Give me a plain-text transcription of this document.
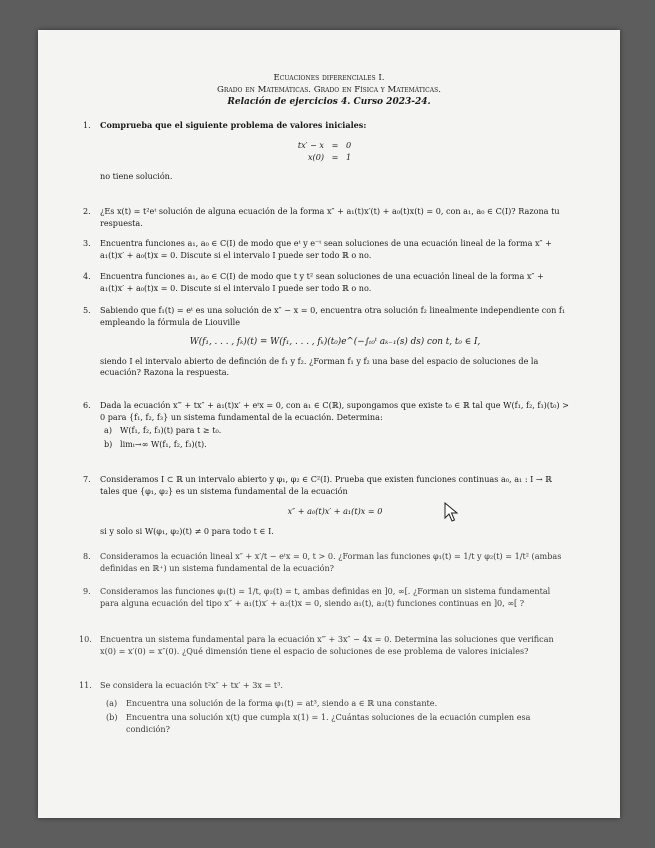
Ecuaciones diferenciales I.
Grado en Matemáticas. Grado en Física y Matemáticas.
Relación de ejercicios 4. Curso 2023-24.
1. Comprueba que el siguiente problema de valores iniciales:
tx′ − x = 0
x(0) = 1
no tiene solución.
2. ¿Es x(t) = t²eᵗ solución de alguna ecuación de la forma x″ + a₁(t)x′(t) + a₀(t)x(t) = 0, con a₁, a₀ ∈ C(I)? Razona tu respuesta.
3. Encuentra funciones a₁, a₀ ∈ C(I) de modo que eᵗ y e⁻ᵗ sean soluciones de una ecuación lineal de la forma x″ + a₁(t)x′ + a₀(t)x = 0. Discute si el intervalo I puede ser todo ℝ o no.
4. Encuentra funciones a₁, a₀ ∈ C(I) de modo que t y t² sean soluciones de una ecuación lineal de la forma x″ + a₁(t)x′ + a₀(t)x = 0. Discute si el intervalo I puede ser todo ℝ o no.
5. Sabiendo que f₁(t) = eᵗ es una solución de x″ − x = 0, encuentra otra solución f₂ linealmente independiente con f₁ empleando la fórmula de Liouville
W(f₁, . . . , fₖ)(t) = W(f₁, . . . , fₖ)(t₀)e^(−∫ₜ₀ᵗ aₖ₋₁(s) ds) con t, t₀ ∈ I,
siendo I el intervalo abierto de definción de f₁ y f₂. ¿Forman f₁ y f₂ una base del espacio de soluciones de la ecuación? Razona la respuesta.
6. Dada la ecuación x‴ + tx″ + a₁(t)x′ + eᵗx = 0, con a₁ ∈ C(ℝ), supongamos que existe t₀ ∈ ℝ tal que W(f₁, f₂, f₃)(t₀) > 0 para {f₁, f₂, f₃} un sistema fundamental de la ecuación. Determina:
a) W(f₁, f₂, f₃)(t) para t ≥ t₀.
b) limₜ→∞ W(f₁, f₂, f₃)(t).
7. Consideramos I ⊂ ℝ un intervalo abierto y φ₁, φ₂ ∈ C²(I). Prueba que existen funciones continuas a₀, a₁ : I → ℝ tales que {φ₁, φ₂} es un sistema fundamental de la ecuación
x″ + a₀(t)x′ + a₁(t)x = 0
si y solo si W(φ₁, φ₂)(t) ≠ 0 para todo t ∈ I.
8. Consideramos la ecuación lineal x″ + x′/t − eᵗx = 0, t > 0. ¿Forman las funciones φ₁(t) = 1/t y φ₂(t) = 1/t² (ambas definidas en ℝ⁺) un sistema fundamental de la ecuación?
9. Consideramos las funciones φ₁(t) = 1/t, φ₂(t) = t, ambas definidas en ]0, ∞[. ¿Forman un sistema fundamental para alguna ecuación del tipo x″ + a₁(t)x′ + a₂(t)x = 0, siendo a₁(t), a₂(t) funciones continuas en ]0, ∞[ ?
10. Encuentra un sistema fundamental para la ecuación x‴ + 3x″ − 4x = 0. Determina las soluciones que verifican x(0) = x′(0) = x″(0). ¿Qué dimensión tiene el espacio de soluciones de ese problema de valores iniciales?
11. Se considera la ecuación t²x″ + tx′ + 3x = t³.
(a) Encuentra una solución de la forma φ₁(t) = at³, siendo a ∈ ℝ una constante.
(b) Encuentra una solución x(t) que cumpla x(1) = 1. ¿Cuántas soluciones de la ecuación cumplen esa condición?
